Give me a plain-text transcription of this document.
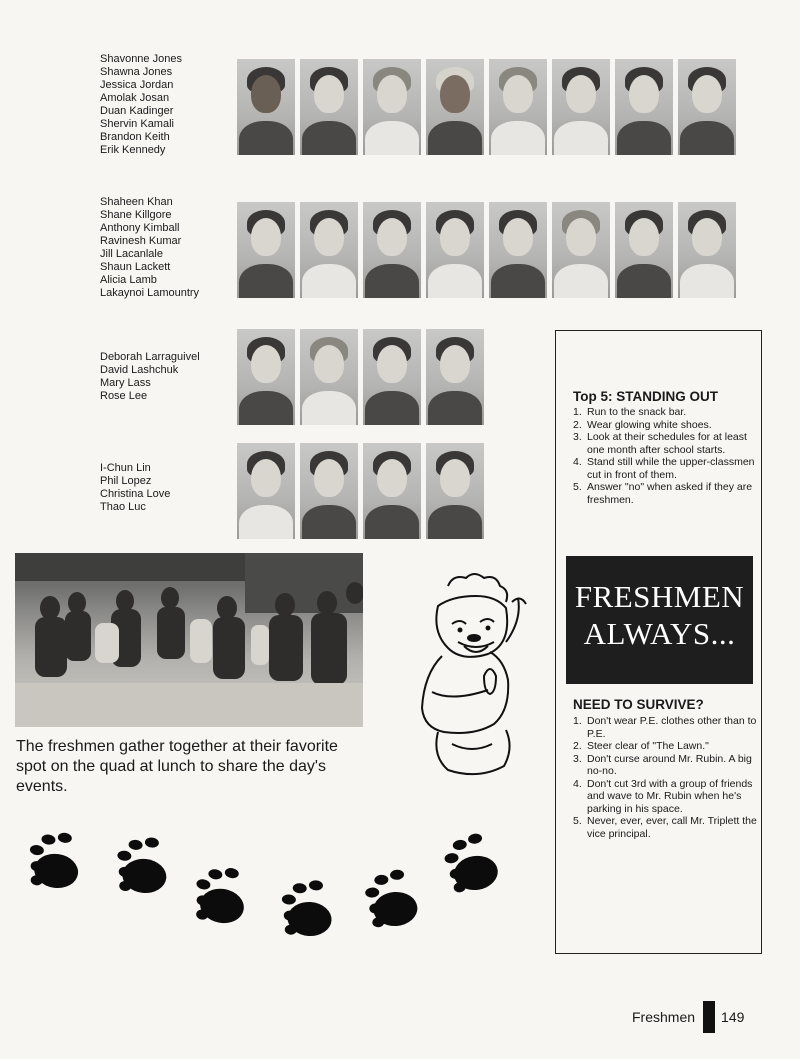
Shavonne Jones
Shawna Jones
Jessica Jordan
Amolak Josan
Duan Kadinger
Shervin Kamali
Brandon Keith
Erik Kennedy
Shaheen Khan
Shane Killgore
Anthony Kimball
Ravinesh Kumar
Jill Lacanlale
Shaun Lackett
Alicia Lamb
Lakaynoi Lamountry
Deborah Larraguivel
David Lashchuk
Mary Lass
Rose Lee
I-Chun Lin
Phil Lopez
Christina Love
Thao Luc
Top 5: STANDING OUT
1. Run to the snack bar.
2. Wear glowing white shoes.
3. Look at their schedules for at least one month after school starts.
4. Stand still while the upper-classmen cut in front of them.
5. Answer "no" when asked if they are freshmen.
FRESHMEN
ALWAYS...
NEED TO SURVIVE?
1. Don't wear P.E. clothes other than to P.E.
2. Steer clear of "The Lawn."
3. Don't curse around Mr. Rubin. A big no-no.
4. Don't cut 3rd with a group of friends and wave to Mr. Rubin when he's parking in his space.
5. Never, ever, ever, call Mr. Triplett the vice principal.
The freshmen gather together at their favorite spot on the quad at lunch to share the day's events.
Freshmen 149
